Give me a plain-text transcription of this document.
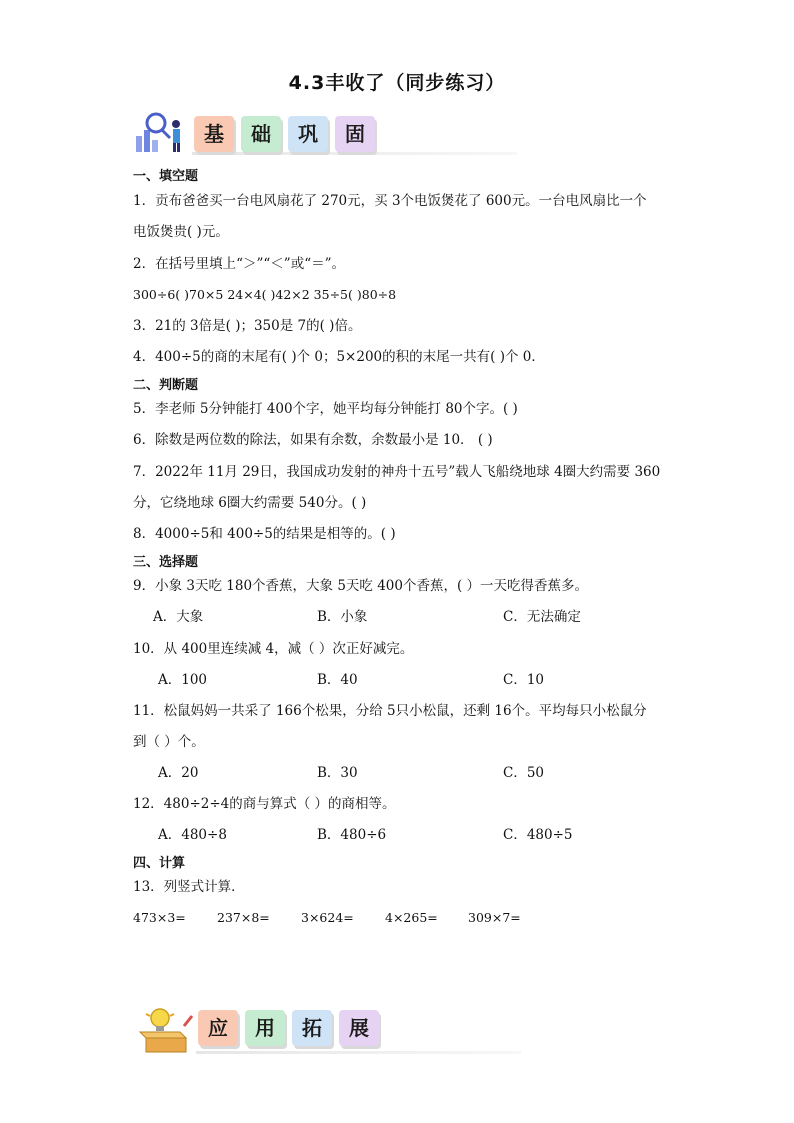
4.3丰收了（同步练习）
基	础	巩	固
一、填空题
1．贡布爸爸买一台电风扇花了 270元，买 3个电饭煲花了 600元。一台电风扇比一个
电饭煲贵( )元。
2．在括号里填上“＞”“＜”或“＝”。
300÷6( )70×5 24×4( )42×2 35÷5( )80÷8
3．21的 3倍是( )；350是 7的( )倍。
4．400÷5的商的末尾有( )个 0；5×200的积的末尾一共有( )个 0．
二、判断题
5．李老师 5分钟能打 400个字，她平均每分钟能打 80个字。( )
6．除数是两位数的除法，如果有余数，余数最小是 10． ( )
7．2022年 11月 29日，我国成功发射的神舟十五号”载人飞船绕地球 4圈大约需要 360
分，它绕地球 6圈大约需要 540分。( )
8．4000÷5和 400÷5的结果是相等的。( )
三、选择题
9．小象 3天吃 180个香蕉，大象 5天吃 400个香蕉，( ）一天吃得香蕉多。
A．大象	B．小象	C．无法确定
10．从 400里连续减 4，减（ ）次正好减完。
A．100	B．40	C．10
11．松鼠妈妈一共采了 166个松果，分给 5只小松鼠，还剩 16个。平均每只小松鼠分
到（ ）个。
A．20	B．30	C．50
12．480÷2÷4的商与算式（ ）的商相等。
A．480÷8	B．480÷6	C．480÷5
四、计算
13．列竖式计算．
473×3= 237×8= 3×624= 4×265= 309×7=
应	用	拓	展
